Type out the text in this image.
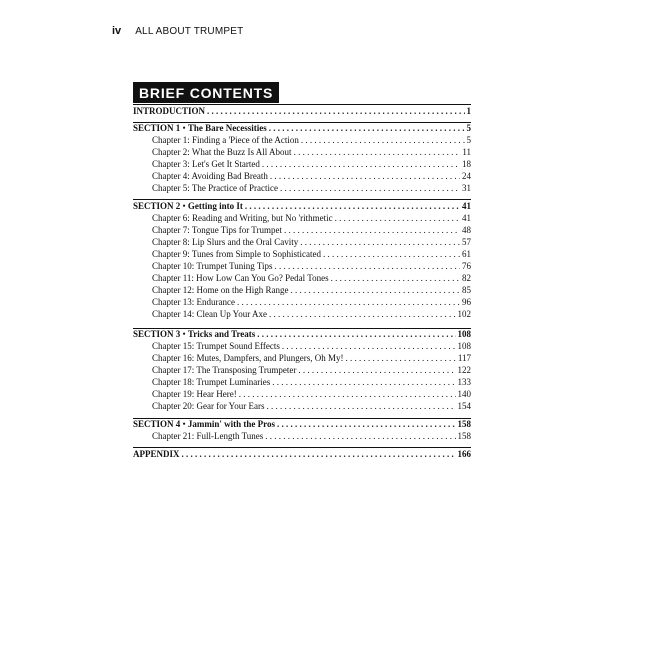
iv ALL ABOUT TRUMPET
BRIEF CONTENTS
INTRODUCTION . . .	1
SECTION 1 • The Bare Necessities . . .	5
Chapter 1: Finding a 'Piece of the Action . . .	5
Chapter 2: What the Buzz Is All About . . .	11
Chapter 3: Let's Get It Started . . .	18
Chapter 4: Avoiding Bad Breath . . .	24
Chapter 5: The Practice of Practice . . .	31
SECTION 2 • Getting into It . . .	41
Chapter 6: Reading and Writing, but No 'rithmetic . . .	41
Chapter 7: Tongue Tips for Trumpet . . .	48
Chapter 8: Lip Slurs and the Oral Cavity . . .	57
Chapter 9: Tunes from Simple to Sophisticated . . .	61
Chapter 10: Trumpet Tuning Tips . . .	76
Chapter 11: How Low Can You Go? Pedal Tones . . .	82
Chapter 12: Home on the High Range . . .	85
Chapter 13: Endurance . . .	96
Chapter 14: Clean Up Your Axe . . .	102
SECTION 3 • Tricks and Treats . . .	108
Chapter 15: Trumpet Sound Effects . . .	108
Chapter 16: Mutes, Dampfers, and Plungers, Oh My! . . .	117
Chapter 17: The Transposing Trumpeter . . .	122
Chapter 18: Trumpet Luminaries . . .	133
Chapter 19: Hear Here! . . .	140
Chapter 20: Gear for Your Ears . . .	154
SECTION 4 • Jammin' with the Pros . . .	158
Chapter 21: Full-Length Tunes . . .	158
APPENDIX . . .	166
